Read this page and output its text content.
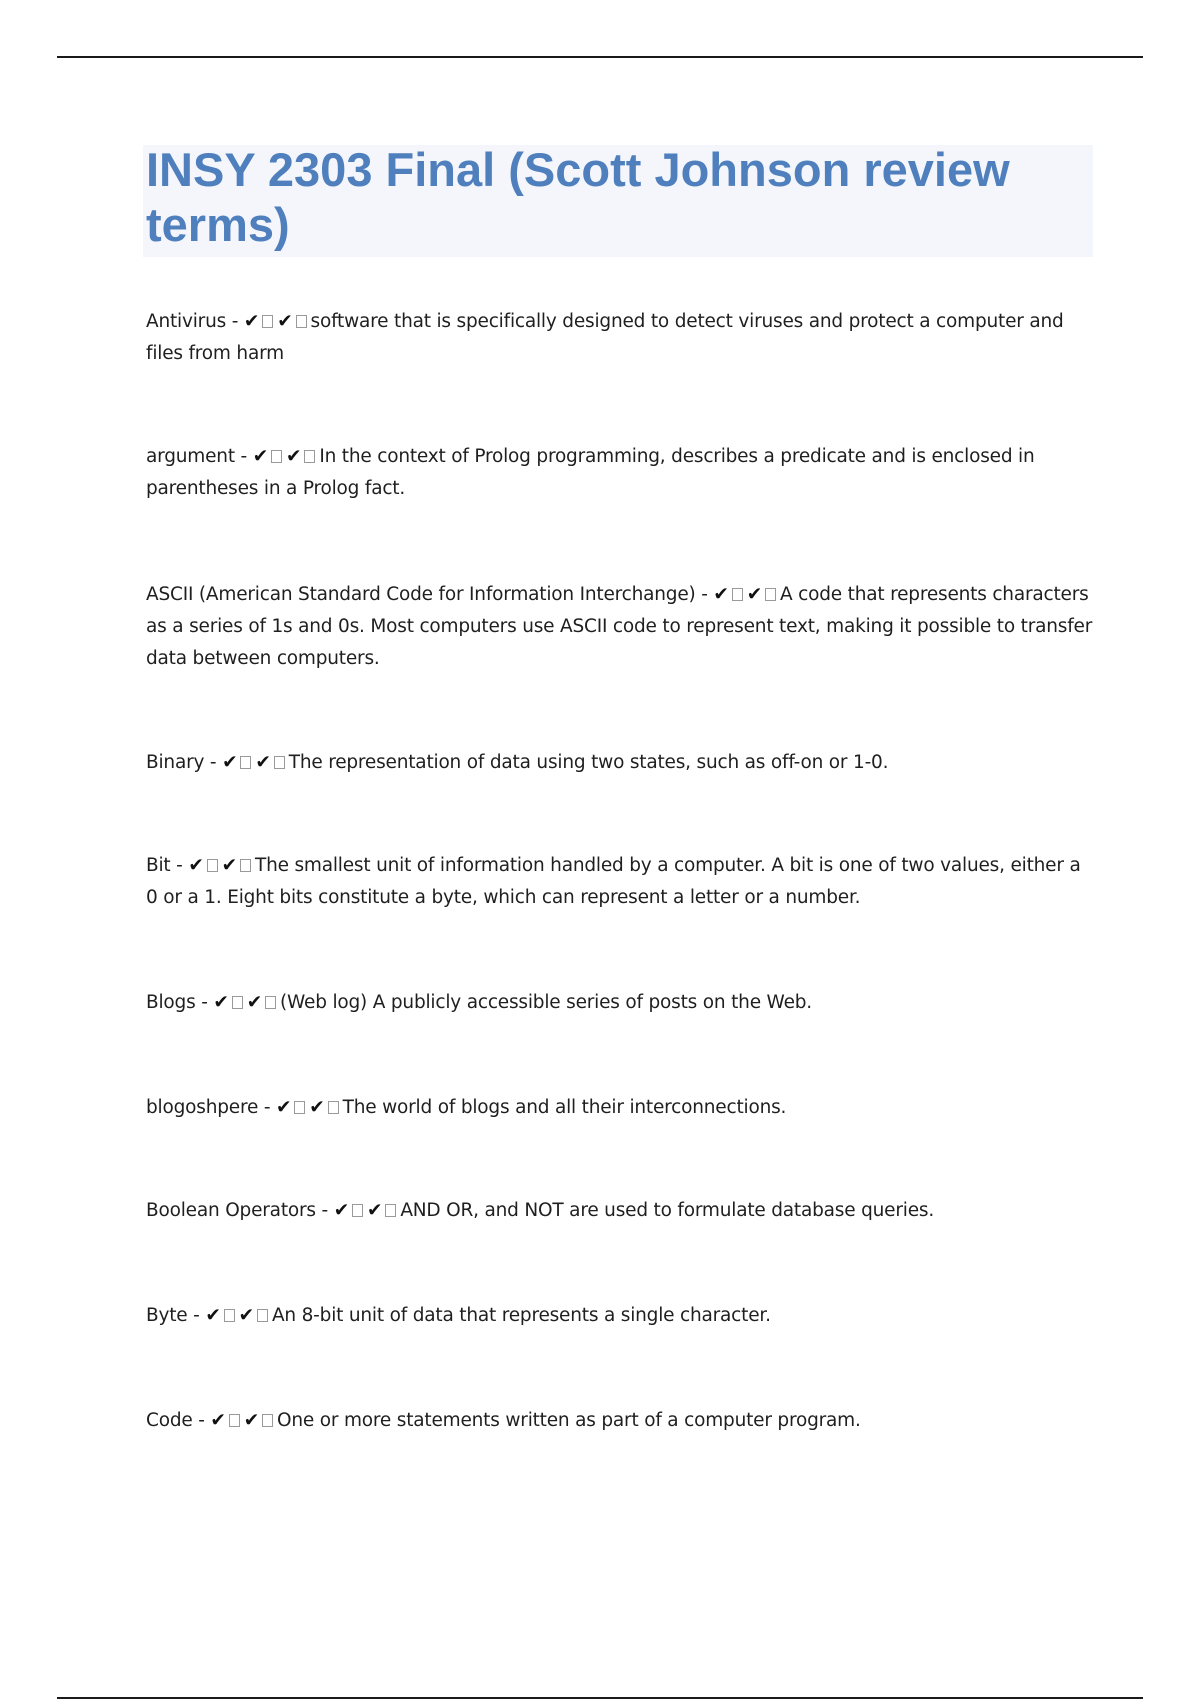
INSY 2303 Final (Scott Johnson review terms)
Antivirus - ✔ ✔ software that is specifically designed to detect viruses and protect a computer and files from harm
argument - ✔ ✔ In the context of Prolog programming, describes a predicate and is enclosed in parentheses in a Prolog fact.
ASCII (American Standard Code for Information Interchange) - ✔ ✔ A code that represents characters as a series of 1s and 0s. Most computers use ASCII code to represent text, making it possible to transfer data between computers.
Binary - ✔ ✔ The representation of data using two states, such as off-on or 1-0.
Bit - ✔ ✔ The smallest unit of information handled by a computer. A bit is one of two values, either a 0 or a 1. Eight bits constitute a byte, which can represent a letter or a number.
Blogs - ✔ ✔ (Web log) A publicly accessible series of posts on the Web.
blogoshpere - ✔ ✔ The world of blogs and all their interconnections.
Boolean Operators - ✔ ✔ AND OR, and NOT are used to formulate database queries.
Byte - ✔ ✔ An 8-bit unit of data that represents a single character.
Code - ✔ ✔ One or more statements written as part of a computer program.
